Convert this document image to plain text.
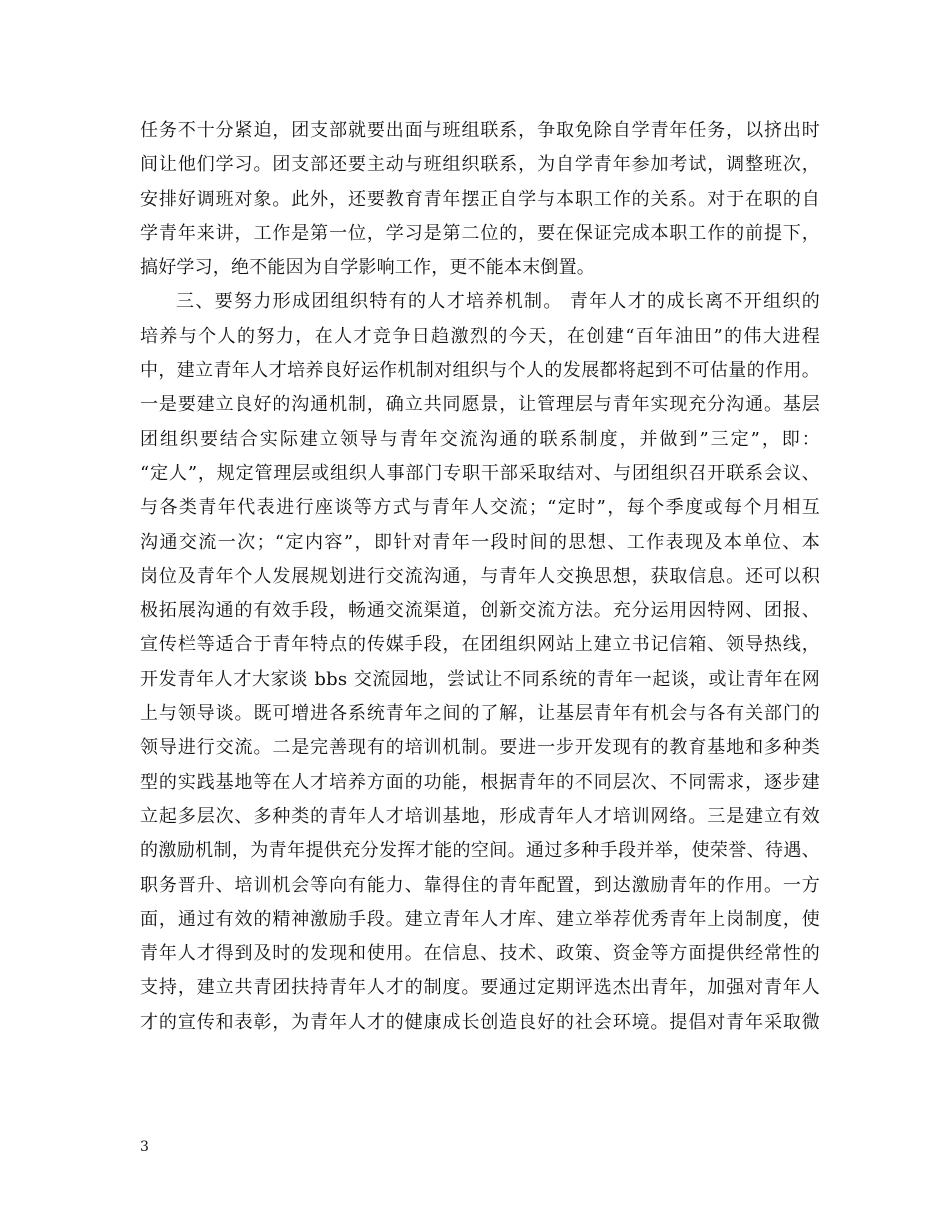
任务不十分紧迫，团支部就要出面与班组联系，争取免除自学青年任务，以挤出时
间让他们学习。团支部还要主动与班组织联系，为自学青年参加考试，调整班次，
安排好调班对象。此外，还要教育青年摆正自学与本职工作的关系。对于在职的自
学青年来讲，工作是第一位，学习是第二位的，要在保证完成本职工作的前提下，
搞好学习，绝不能因为自学影响工作，更不能本末倒置。
三、要努力形成团组织特有的人才培养机制。 青年人才的成长离不开组织的
培养与个人的努力，在人才竞争日趋激烈的今天，在创建“百年油田”的伟大进程
中，建立青年人才培养良好运作机制对组织与个人的发展都将起到不可估量的作用。
一是要建立良好的沟通机制，确立共同愿景，让管理层与青年实现充分沟通。基层
团组织要结合实际建立领导与青年交流沟通的联系制度，并做到”三定”，即：
“定人”，规定管理层或组织人事部门专职干部采取结对、与团组织召开联系会议、
与各类青年代表进行座谈等方式与青年人交流；“定时”，每个季度或每个月相互
沟通交流一次；“定内容”，即针对青年一段时间的思想、工作表现及本单位、本
岗位及青年个人发展规划进行交流沟通，与青年人交换思想，获取信息。还可以积
极拓展沟通的有效手段，畅通交流渠道，创新交流方法。充分运用因特网、团报、
宣传栏等适合于青年特点的传媒手段，在团组织网站上建立书记信箱、领导热线，
开发青年人才大家谈 bbs 交流园地，尝试让不同系统的青年一起谈，或让青年在网
上与领导谈。既可增进各系统青年之间的了解，让基层青年有机会与各有关部门的
领导进行交流。二是完善现有的培训机制。要进一步开发现有的教育基地和多种类
型的实践基地等在人才培养方面的功能，根据青年的不同层次、不同需求，逐步建
立起多层次、多种类的青年人才培训基地，形成青年人才培训网络。三是建立有效
的激励机制，为青年提供充分发挥才能的空间。通过多种手段并举，使荣誉、待遇、
职务晋升、培训机会等向有能力、靠得住的青年配置，到达激励青年的作用。一方
面，通过有效的精神激励手段。建立青年人才库、建立举荐优秀青年上岗制度，使
青年人才得到及时的发现和使用。在信息、技术、政策、资金等方面提供经常性的
支持，建立共青团扶持青年人才的制度。要通过定期评选杰出青年，加强对青年人
才的宣传和表彰，为青年人才的健康成长创造良好的社会环境。提倡对青年采取微
3
